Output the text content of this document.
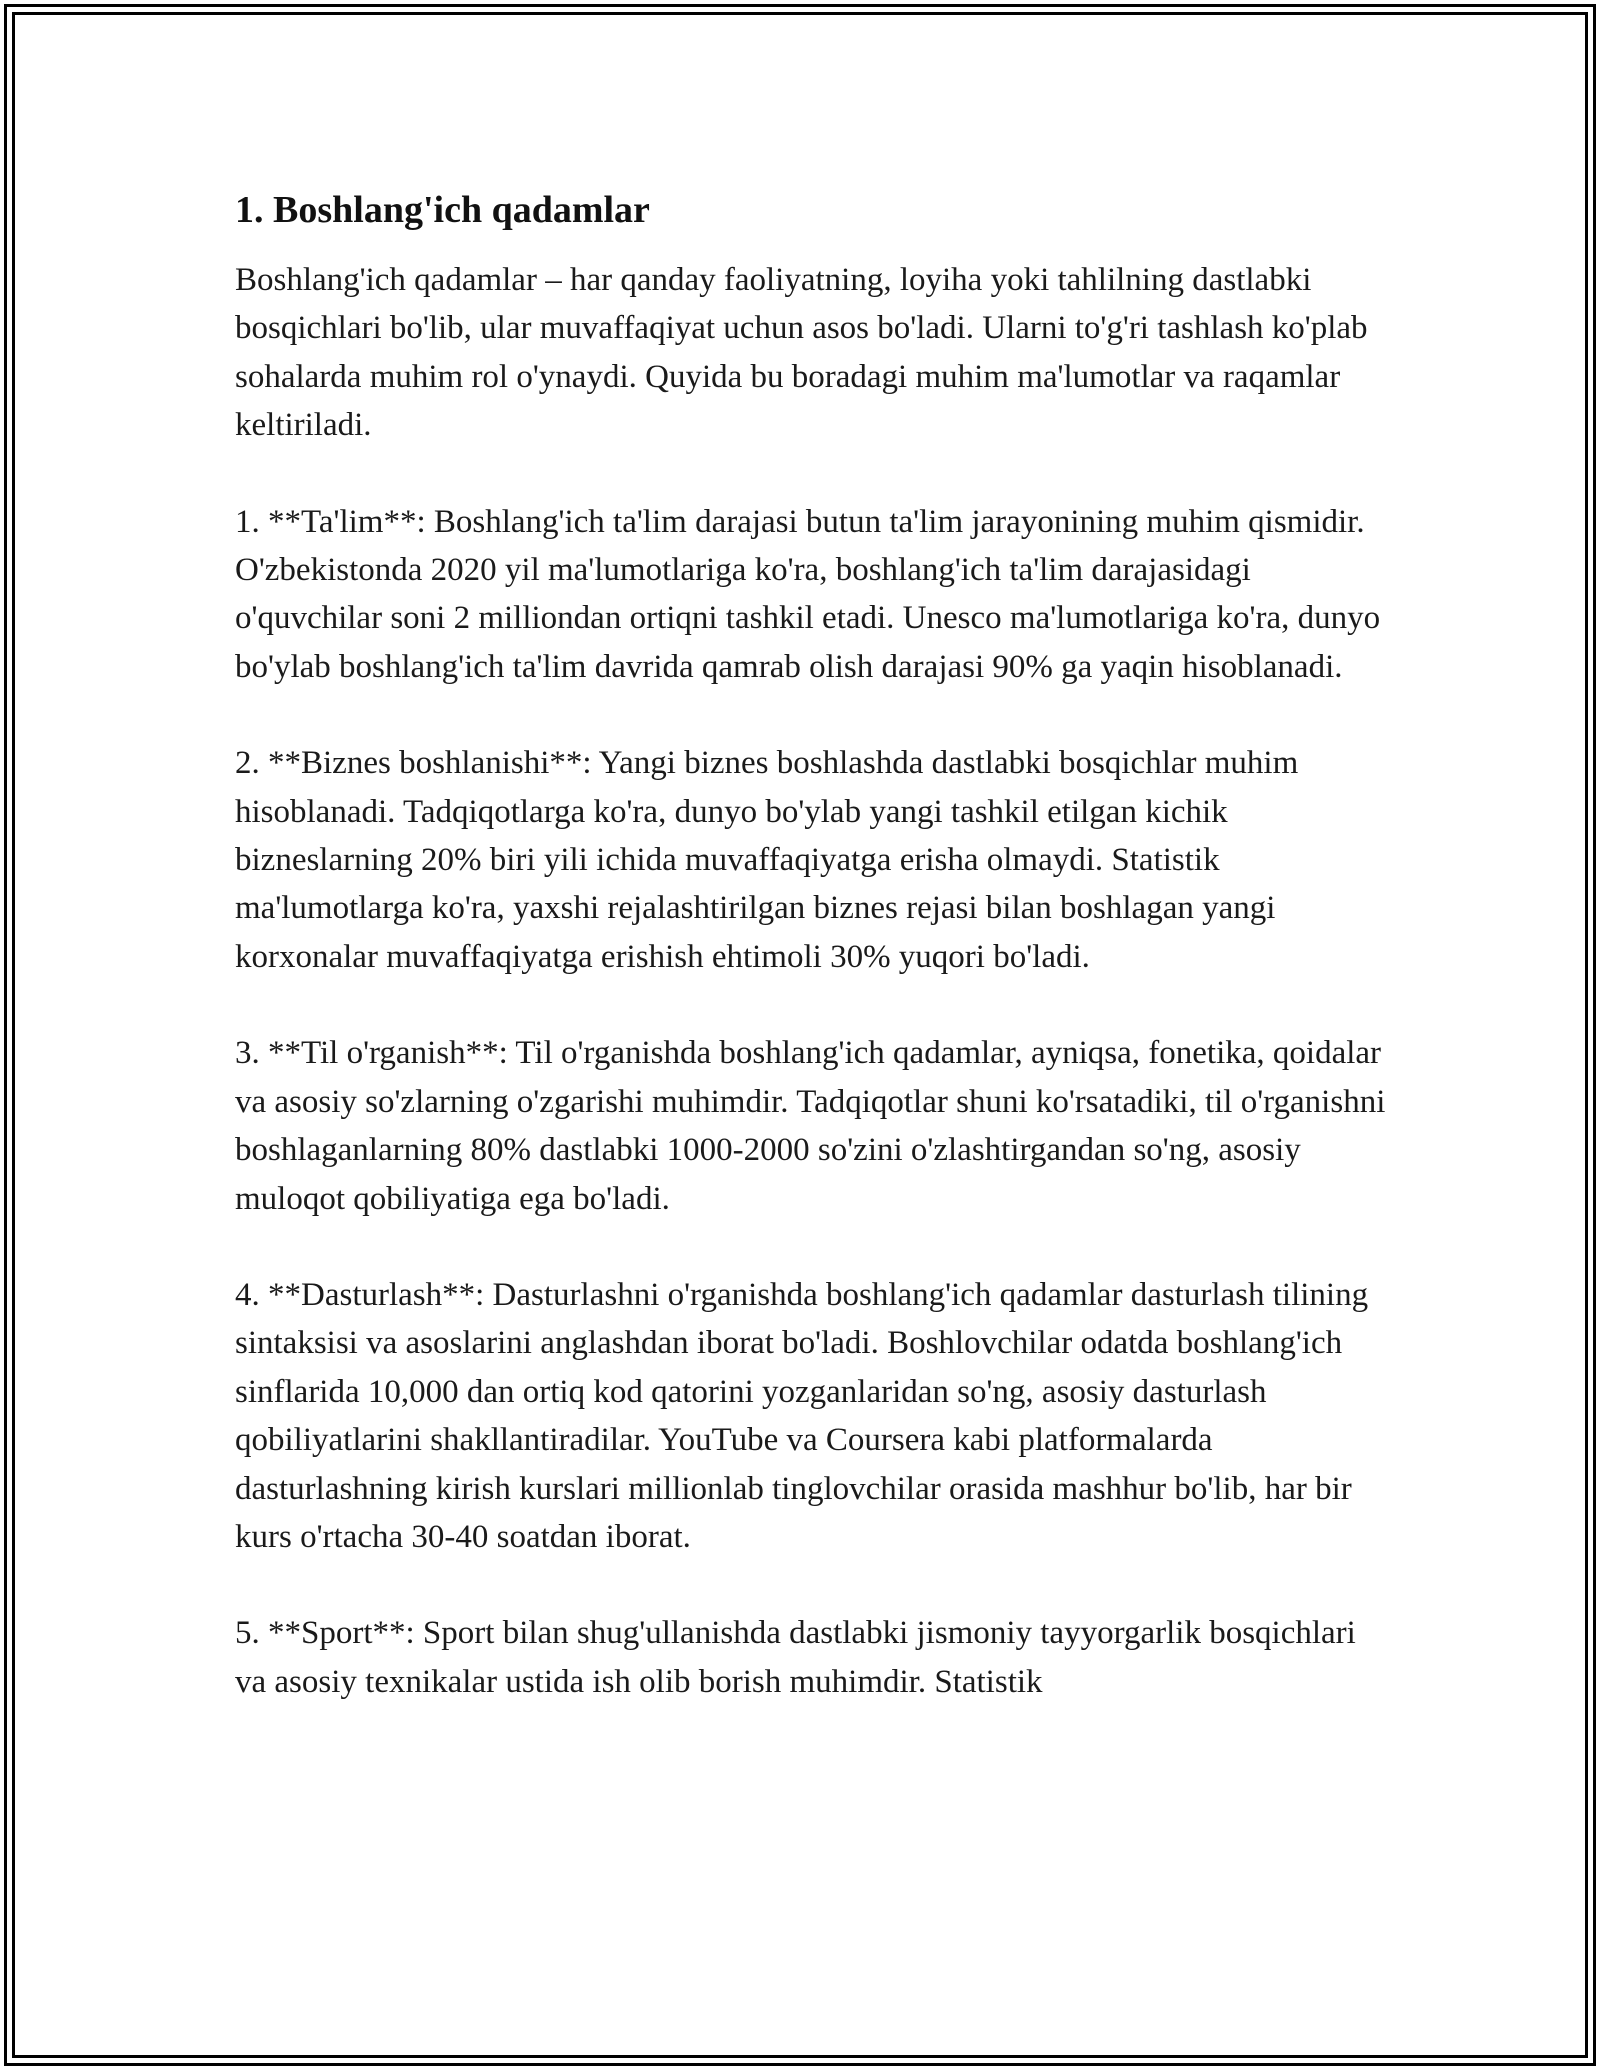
1. Boshlang'ich qadamlar

Boshlang'ich qadamlar – har qanday faoliyatning, loyiha yoki tahlilning dastlabki bosqichlari bo'lib, ular muvaffaqiyat uchun asos bo'ladi. Ularni to'g'ri tashlash ko'plab sohalarda muhim rol o'ynaydi. Quyida bu boradagi muhim ma'lumotlar va raqamlar keltiriladi.

1. **Ta'lim**: Boshlang'ich ta'lim darajasi butun ta'lim jarayonining muhim qismidir. O'zbekistonda 2020 yil ma'lumotlariga ko'ra, boshlang'ich ta'lim darajasidagi o'quvchilar soni 2 milliondan ortiqni tashkil etadi. Unesco ma'lumotlariga ko'ra, dunyo bo'ylab boshlang'ich ta'lim davrida qamrab olish darajasi 90% ga yaqin hisoblanadi.

2. **Biznes boshlanishi**: Yangi biznes boshlashda dastlabki bosqichlar muhim hisoblanadi. Tadqiqotlarga ko'ra, dunyo bo'ylab yangi tashkil etilgan kichik bizneslarning 20% biri yili ichida muvaffaqiyatga erisha olmaydi. Statistik ma'lumotlarga ko'ra, yaxshi rejalashtirilgan biznes rejasi bilan boshlagan yangi korxonalar muvaffaqiyatga erishish ehtimoli 30% yuqori bo'ladi.

3. **Til o'rganish**: Til o'rganishda boshlang'ich qadamlar, ayniqsa, fonetika, qoidalar va asosiy so'zlarning o'zgarishi muhimdir. Tadqiqotlar shuni ko'rsatadiki, til o'rganishni boshlaganlarning 80% dastlabki 1000-2000 so'zini o'zlashtirgandan so'ng, asosiy muloqot qobiliyatiga ega bo'ladi.

4. **Dasturlash**: Dasturlashni o'rganishda boshlang'ich qadamlar dasturlash tilining sintaksisi va asoslarini anglashdan iborat bo'ladi. Boshlovchilar odatda boshlang'ich sinflarida 10,000 dan ortiq kod qatorini yozganlaridan so'ng, asosiy dasturlash qobiliyatlarini shakllantiradilar. YouTube va Coursera kabi platformalarda dasturlashning kirish kurslari millionlab tinglovchilar orasida mashhur bo'lib, har bir kurs o'rtacha 30-40 soatdan iborat.

5. **Sport**: Sport bilan shug'ullanishda dastlabki jismoniy tayyorgarlik bosqichlari va asosiy texnikalar ustida ish olib borish muhimdir. Statistik
